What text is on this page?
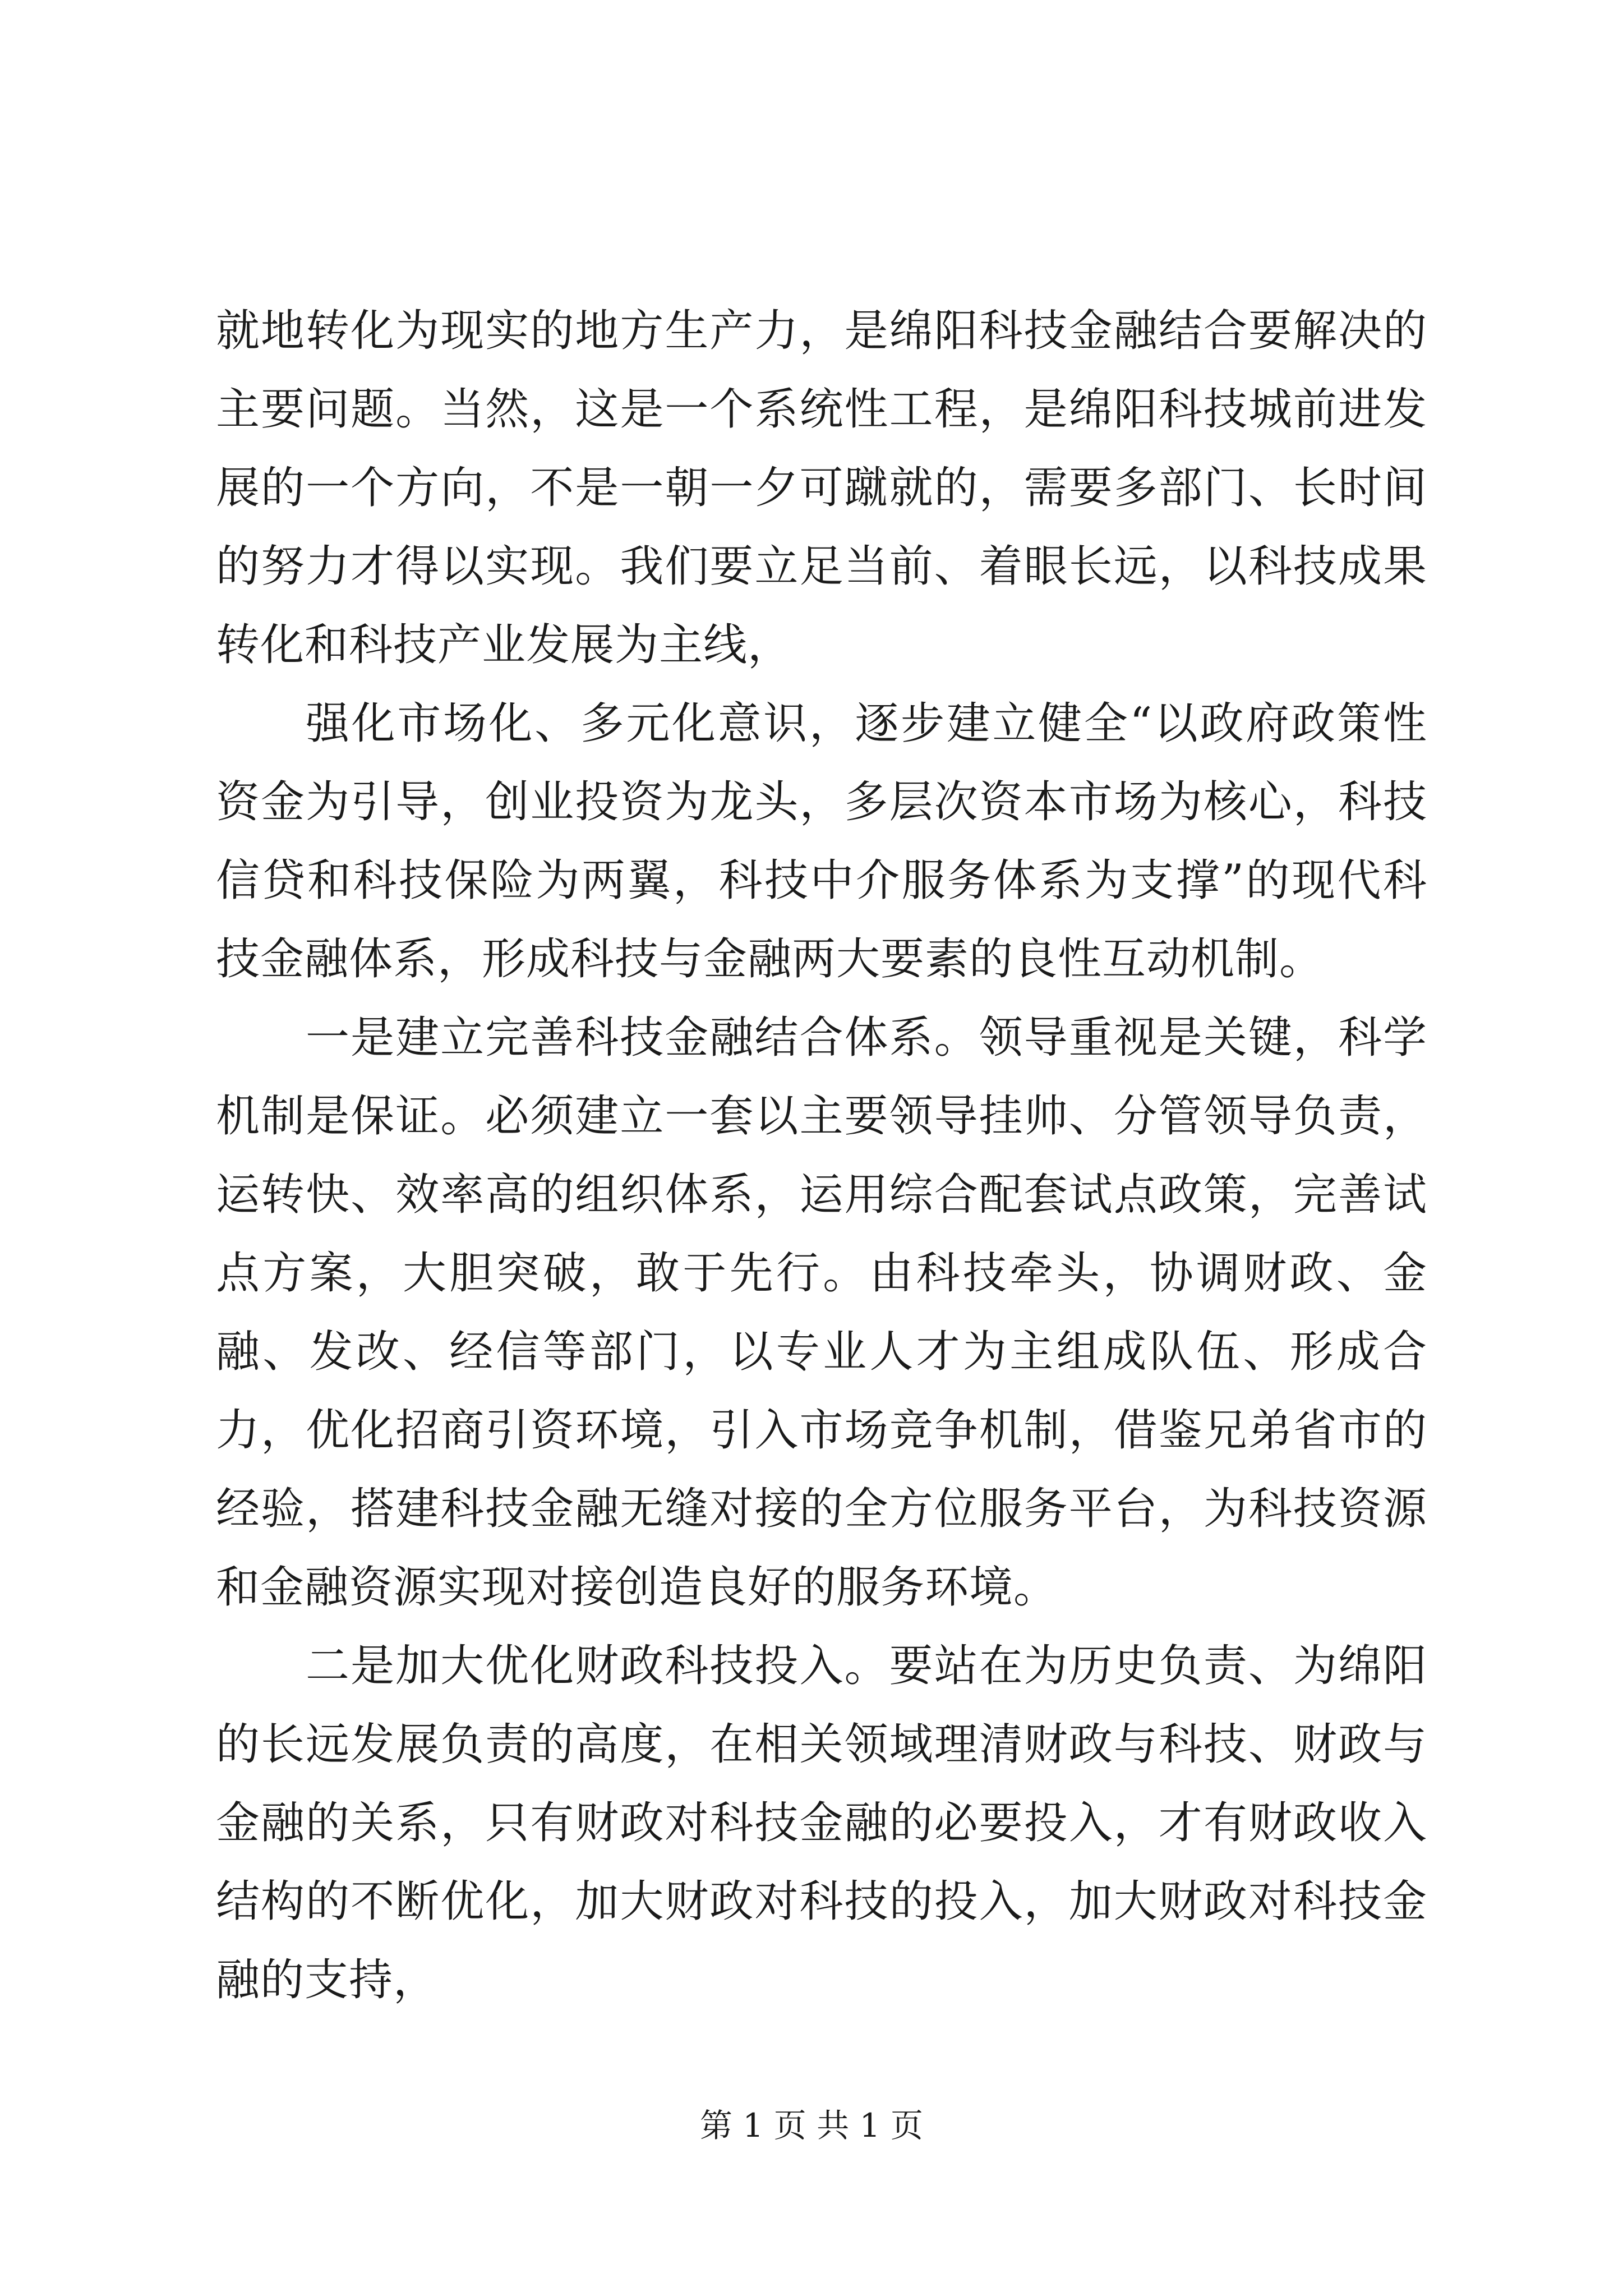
就地转化为现实的地方生产力，是绵阳科技金融结合要解决的主要问题。当然，这是一个系统性工程，是绵阳科技城前进发展的一个方向，不是一朝一夕可蹴就的，需要多部门、长时间的努力才得以实现。我们要立足当前、着眼长远，以科技成果转化和科技产业发展为主线，

强化市场化、多元化意识，逐步建立健全“以政府政策性资金为引导，创业投资为龙头，多层次资本市场为核心，科技信贷和科技保险为两翼，科技中介服务体系为支撑”的现代科技金融体系，形成科技与金融两大要素的良性互动机制。

一是建立完善科技金融结合体系。领导重视是关键，科学机制是保证。必须建立一套以主要领导挂帅、分管领导负责，运转快、效率高的组织体系，运用综合配套试点政策，完善试点方案，大胆突破，敢于先行。由科技牵头，协调财政、金融、发改、经信等部门，以专业人才为主组成队伍、形成合力，优化招商引资环境，引入市场竞争机制，借鉴兄弟省市的经验，搭建科技金融无缝对接的全方位服务平台，为科技资源和金融资源实现对接创造良好的服务环境。

二是加大优化财政科技投入。要站在为历史负责、为绵阳的长远发展负责的高度，在相关领域理清财政与科技、财政与金融的关系，只有财政对科技金融的必要投入，才有财政收入结构的不断优化，加大财政对科技的投入，加大财政对科技金融的支持，

第 1 页 共 1 页
